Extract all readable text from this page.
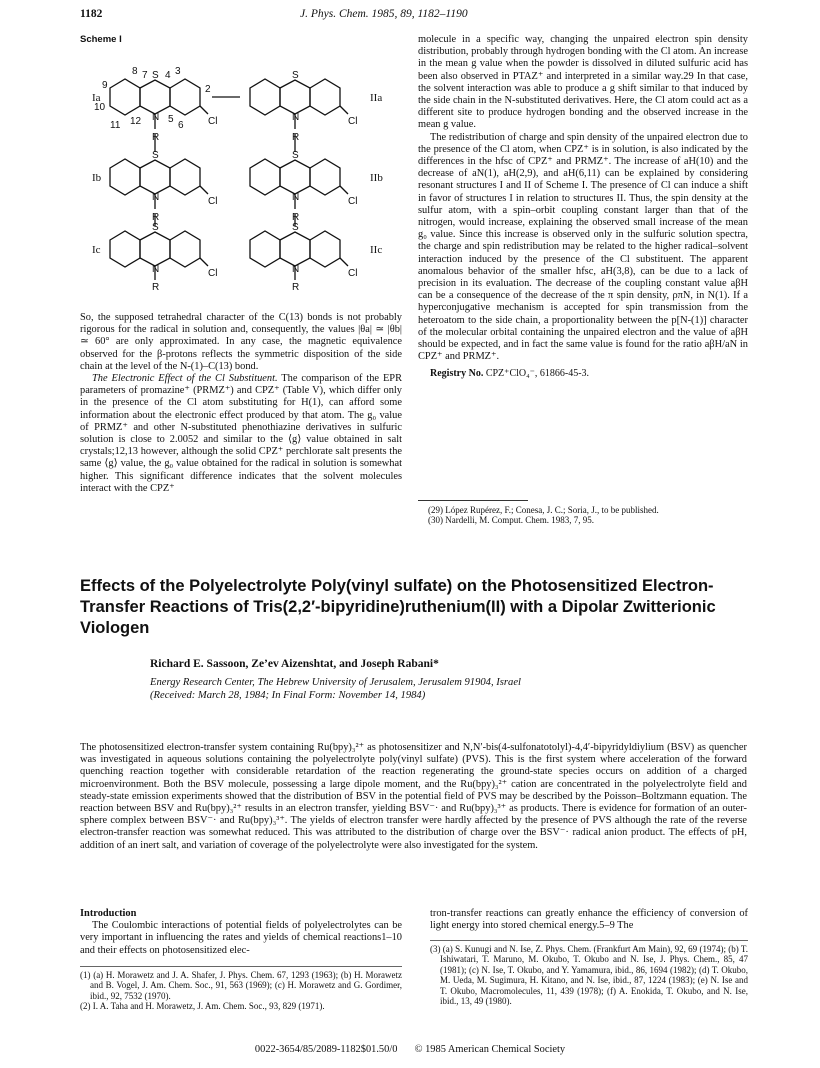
1182	J. Phys. Chem. 1985, 89, 1182–1190
Scheme I
S	S
N	N
S	S
N	N
S	S
N	N
Cl	Cl
Cl	Cl
Cl	Cl
R	R
R	R
R	R
8 7 4 3
2
9
10
11 12	5
6
Ia
Ib
Ic
IIa
IIb
IIc

So, the supposed tetrahedral character of the C(13) bonds is not probably rigorous for the radical in solution and, consequently, the values |θa| ≃ |θb| ≃ 60° are only approximated. In any case, the magnetic equivalence observed for the β-protons reflects the symmetric disposition of the side chain at the level of the N-(1)–C(13) bond.

The Electronic Effect of the Cl Substituent. The comparison of the EPR parameters of promazine⁺ (PRMZ⁺) and CPZ⁺ (Table V), which differ only in the presence of the Cl atom substituting for H(1), can afford some information about the electronic effect produced by that atom. The g₀ value of PRMZ⁺ and other N-substituted phenothiazine derivatives in sulfuric solution is close to 2.0052 and similar to the ⟨g⟩ value obtained in salt crystals;12,13 however, although the solid CPZ⁺ perchlorate salt presents the same ⟨g⟩ value, the g₀ value obtained for the radical in solution is somewhat higher. This significant difference indicates that the solvent molecules interact with the CPZ⁺

molecule in a specific way, changing the unpaired electron spin density distribution, probably through hydrogen bonding with the Cl atom. An increase in the mean g value when the powder is dissolved in diluted sulfuric acid has been also observed in PTAZ⁺ and interpreted in a similar way.29 In that case, the solvent interaction was able to produce a g shift similar to that induced by the side chain in the N-substituted derivatives. Here, the Cl atom could act as a different site to produce hydrogen bonding and the observed increase in the mean g value.

The redistribution of charge and spin density of the unpaired electron due to the presence of the Cl atom, when CPZ⁺ is in solution, is also indicated by the differences in the hfsc of CPZ⁺ and PRMZ⁺. The increase of aH(10) and the decrease of aN(1), aH(2,9), and aH(6,11) can be explained by considering resonant structures I and II of Scheme I. The presence of Cl can induce a shift in favor of structures I in relation to structures II. Thus, the spin density at the sulfur atom, with a spin–orbit coupling constant larger than that of the nitrogen, would increase, explaining the observed small increase of the mean g₀ value. Since this increase is observed only in the sulfuric solution spectra, the charge and spin redistribution may be related to the higher radical–solvent interaction induced by the presence of the Cl substituent. The apparent anomalous behavior of the smaller hfsc, aH(3,8), can be due to a lack of precision in its evaluation. The decrease of the coupling constant value aβH can be a consequence of the decrease of the π spin density, ρπN, in N(1). If a hyperconjugative mechanism is accepted for spin transmission from the heteroatom to the side chain, a proportionality between the p[N-(1)] character of the molecular orbital containing the unpaired electron and the value of aβH should be expected, and in fact the same value is found for the ratio aβH/aN in CPZ⁺ and PRMZ⁺.

Registry No. CPZ⁺ClO₄⁻, 61866-45-3.

(29) López Rupérez, F.; Conesa, J. C.; Soria, J., to be published.

(30) Nardelli, M. Comput. Chem. 1983, 7, 95.

Effects of the Polyelectrolyte Poly(vinyl sulfate) on the Photosensitized Electron-Transfer Reactions of Tris(2,2′-bipyridine)ruthenium(II) with a Dipolar Zwitterionic Viologen
Richard E. Sassoon, Ze’ev Aizenshtat, and Joseph Rabani*
Energy Research Center, The Hebrew University of Jerusalem, Jerusalem 91904, Israel
(Received: March 28, 1984; In Final Form: November 14, 1984)
The photosensitized electron-transfer system containing Ru(bpy)₃²⁺ as photosensitizer and N,N′-bis(4-sulfonatotolyl)-4,4′-bipyridyldiylium (BSV) as quencher was investigated in aqueous solutions containing the polyelectrolyte poly(vinyl sulfate) (PVS). This is the first system where acceleration of the forward quenching reaction together with considerable retardation of the reaction regenerating the ground-state species occurs on addition of a charged microenvironment. Both the BSV molecule, possessing a large dipole moment, and the Ru(bpy)₃²⁺ cation are concentrated in the polyelectrolyte field and steady-state emission experiments showed that the distribution of BSV in the potential field of PVS may be described by the Poisson–Boltzmann equation. The reaction between BSV and Ru(bpy)₃²⁺ results in an electron transfer, yielding BSV⁻· and Ru(bpy)₃³⁺ as products. There is evidence for formation of an outer-sphere complex between BSV⁻· and Ru(bpy)₃³⁺. The yields of electron transfer were hardly affected by the presence of PVS although the rate of the reverse electron-transfer reaction was somewhat reduced. This was attributed to the distribution of charge over the BSV⁻· radical anion product. The effects of pH, addition of an inert salt, and variation of coverage of the polyelectrolyte were also investigated for the system.

Introduction

The Coulombic interactions of potential fields of polyelectrolytes can be very important in influencing the rates and yields of chemical reactions1–10 and their effects on photosensitized elec-

tron-transfer reactions can greatly enhance the efficiency of conversion of light energy into stored chemical energy.5–9 The

(1) (a) H. Morawetz and J. A. Shafer, J. Phys. Chem. 67, 1293 (1963); (b) H. Morawetz and B. Vogel, J. Am. Chem. Soc., 91, 563 (1969); (c) H. Morawetz and G. Gordimer, ibid., 92, 7532 (1970).

(2) I. A. Taha and H. Morawetz, J. Am. Chem. Soc., 93, 829 (1971).

(3) (a) S. Kunugi and N. Ise, Z. Phys. Chem. (Frankfurt Am Main), 92, 69 (1974); (b) T. Ishiwatari, T. Maruno, M. Okubo, T. Okubo and N. Ise, J. Phys. Chem., 85, 47 (1981); (c) N. Ise, T. Okubo, and Y. Yamamura, ibid., 86, 1694 (1982); (d) T. Okubo, M. Ueda, M. Sugimura, H. Kitano, and N. Ise, ibid., 87, 1224 (1983); (e) N. Ise and T. Okubo, Macromolecules, 11, 439 (1978); (f) A. Enokida, T. Okubo, and N. Ise, ibid., 13, 49 (1980).

0022-3654/85/2089-1182$01.50/0 © 1985 American Chemical Society
